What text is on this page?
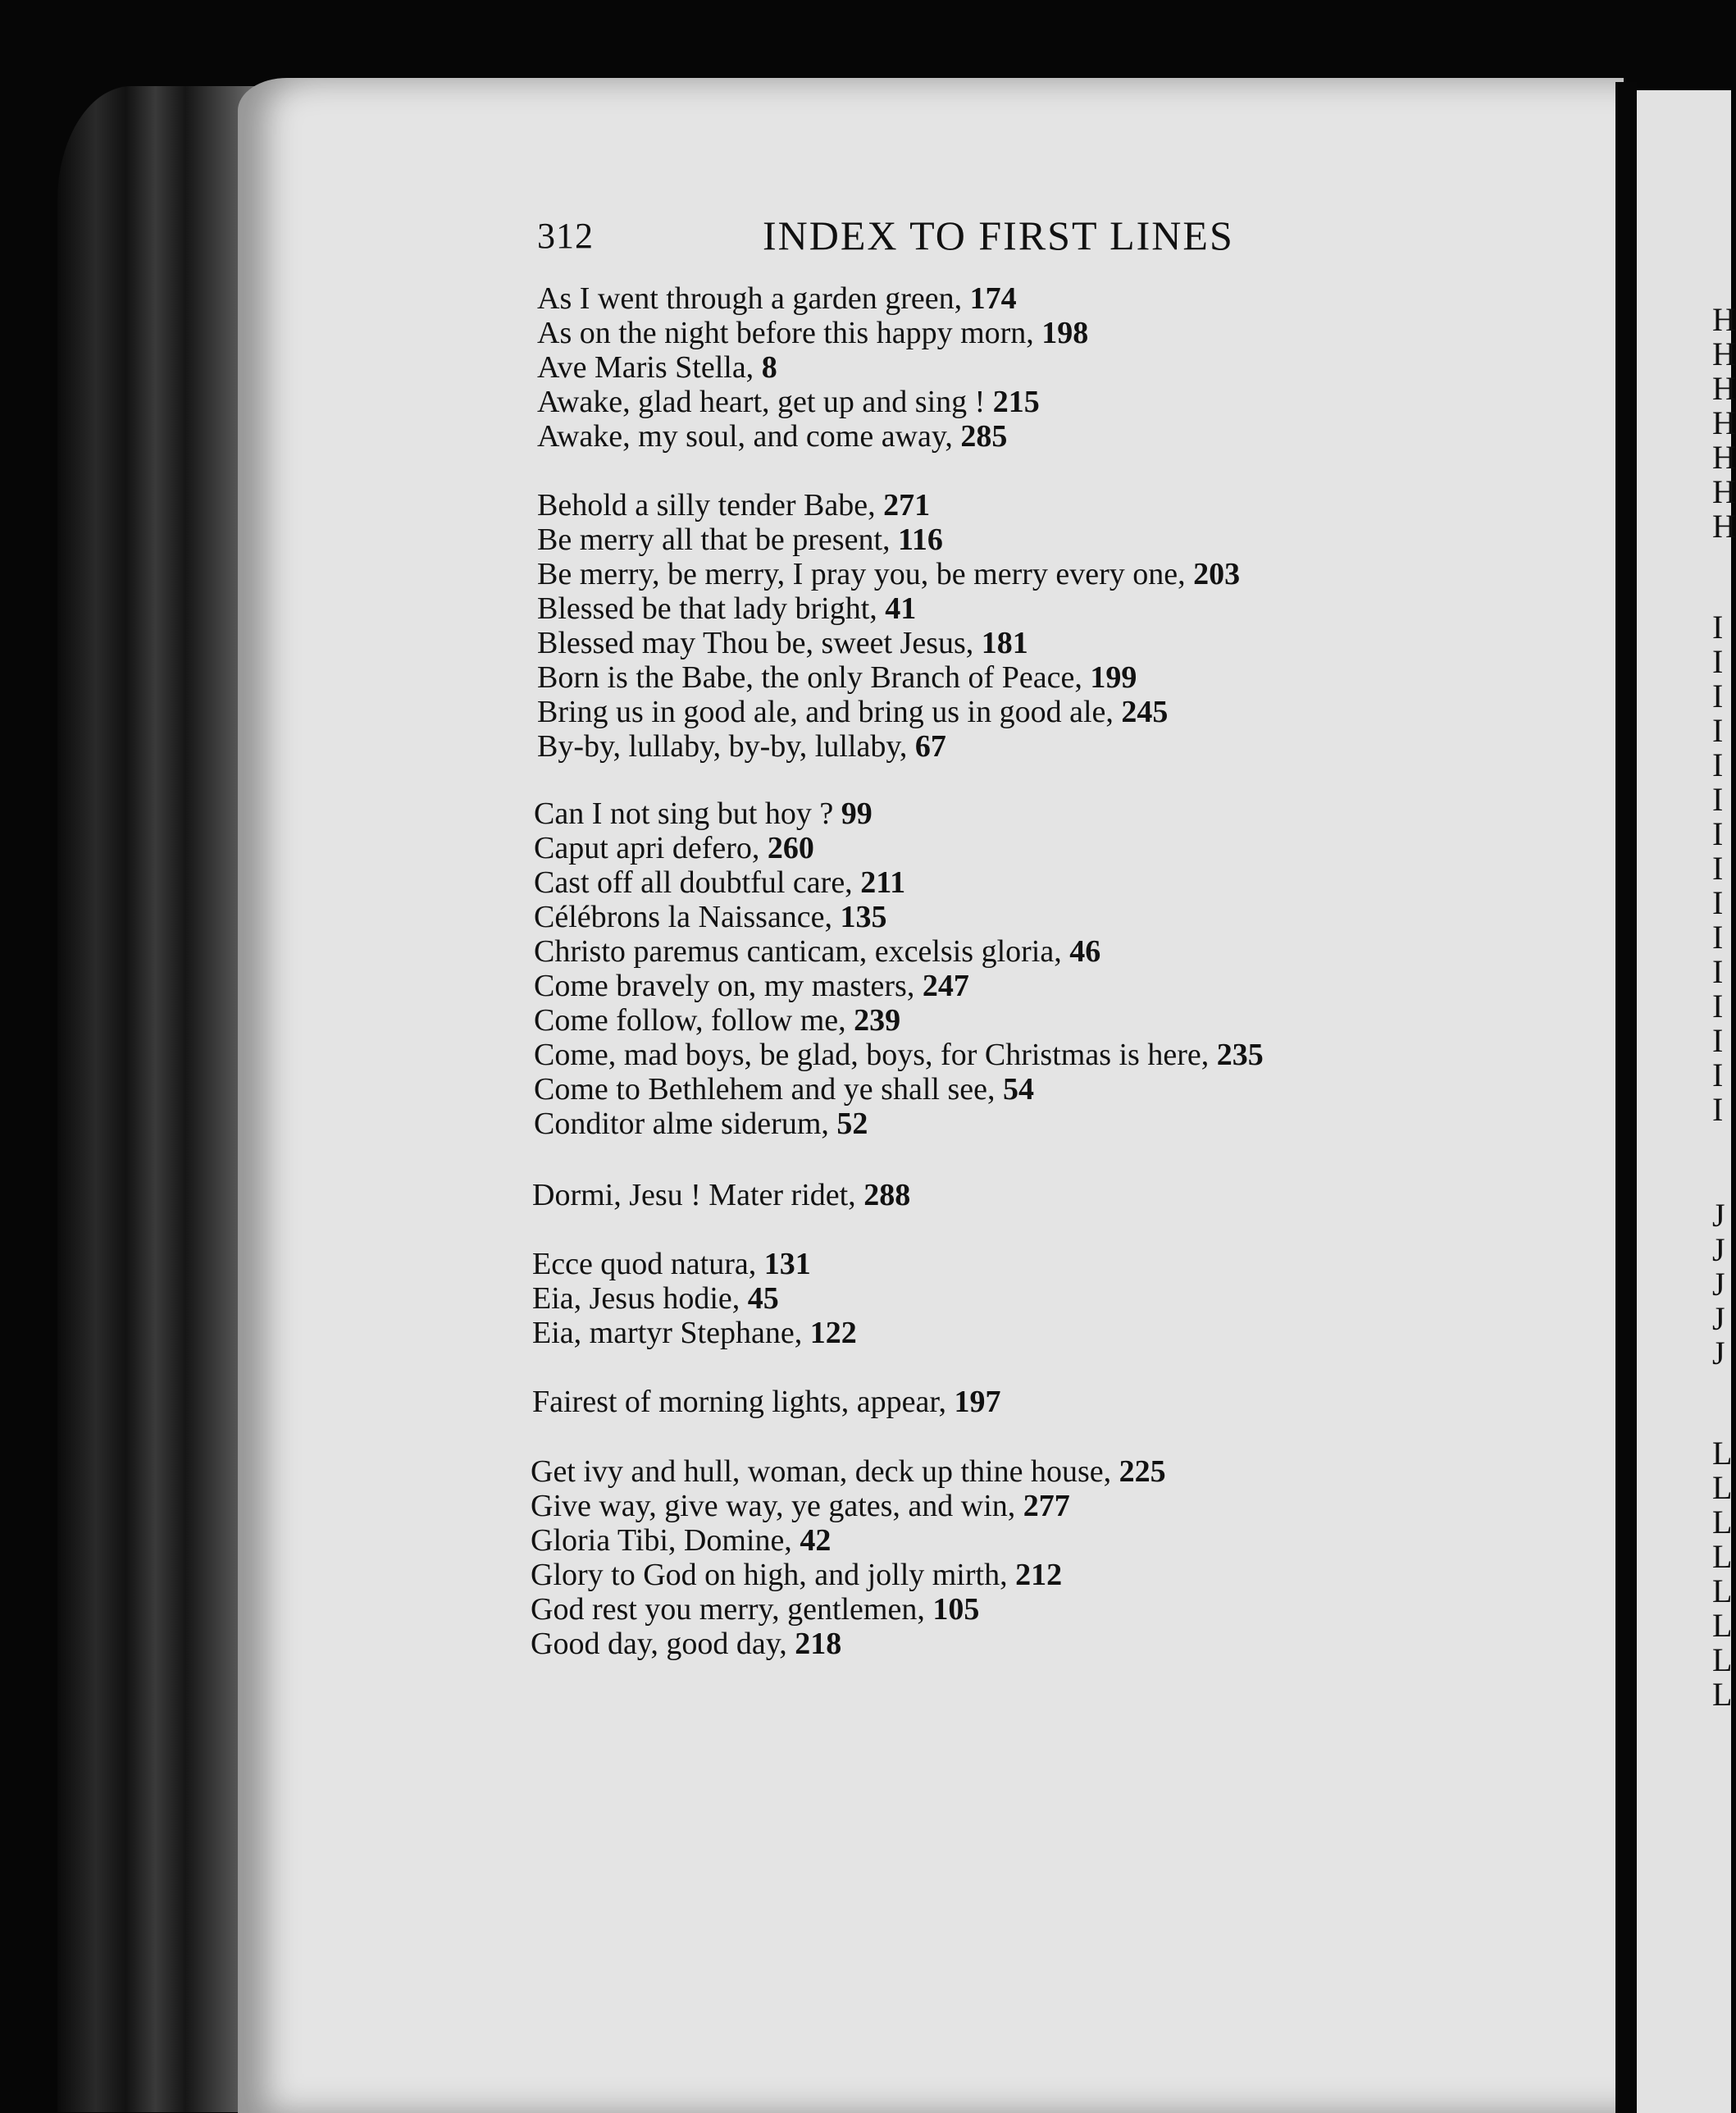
312	INDEX TO FIRST LINES
As I went through a garden green, 174
As on the night before this happy morn, 198
Ave Maris Stella, 8
Awake, glad heart, get up and sing ! 215
Awake, my soul, and come away, 285
Behold a silly tender Babe, 271
Be merry all that be present, 116
Be merry, be merry, I pray you, be merry every one, 203
Blessed be that lady bright, 41
Blessed may Thou be, sweet Jesus, 181
Born is the Babe, the only Branch of Peace, 199
Bring us in good ale, and bring us in good ale, 245
By-by, lullaby, by-by, lullaby, 67
Can I not sing but hoy ? 99
Caput apri defero, 260
Cast off all doubtful care, 211
Célébrons la Naissance, 135
Christo paremus canticam, excelsis gloria, 46
Come bravely on, my masters, 247
Come follow, follow me, 239
Come, mad boys, be glad, boys, for Christmas is here, 235
Come to Bethlehem and ye shall see, 54
Conditor alme siderum, 52
Dormi, Jesu ! Mater ridet, 288
Ecce quod natura, 131
Eia, Jesus hodie, 45
Eia, martyr Stephane, 122
Fairest of morning lights, appear, 197
Get ivy and hull, woman, deck up thine house, 225
Give way, give way, ye gates, and win, 277
Gloria Tibi, Domine, 42
Glory to God on high, and jolly mirth, 212
God rest you merry, gentlemen, 105
Good day, good day, 218
H
H
H
H
H
H
H
I
I
I
I
I
I
I
I
I
I
I
I
I
I
I
J
J
J
J
J
L
L
L
L
L
L
L
L
